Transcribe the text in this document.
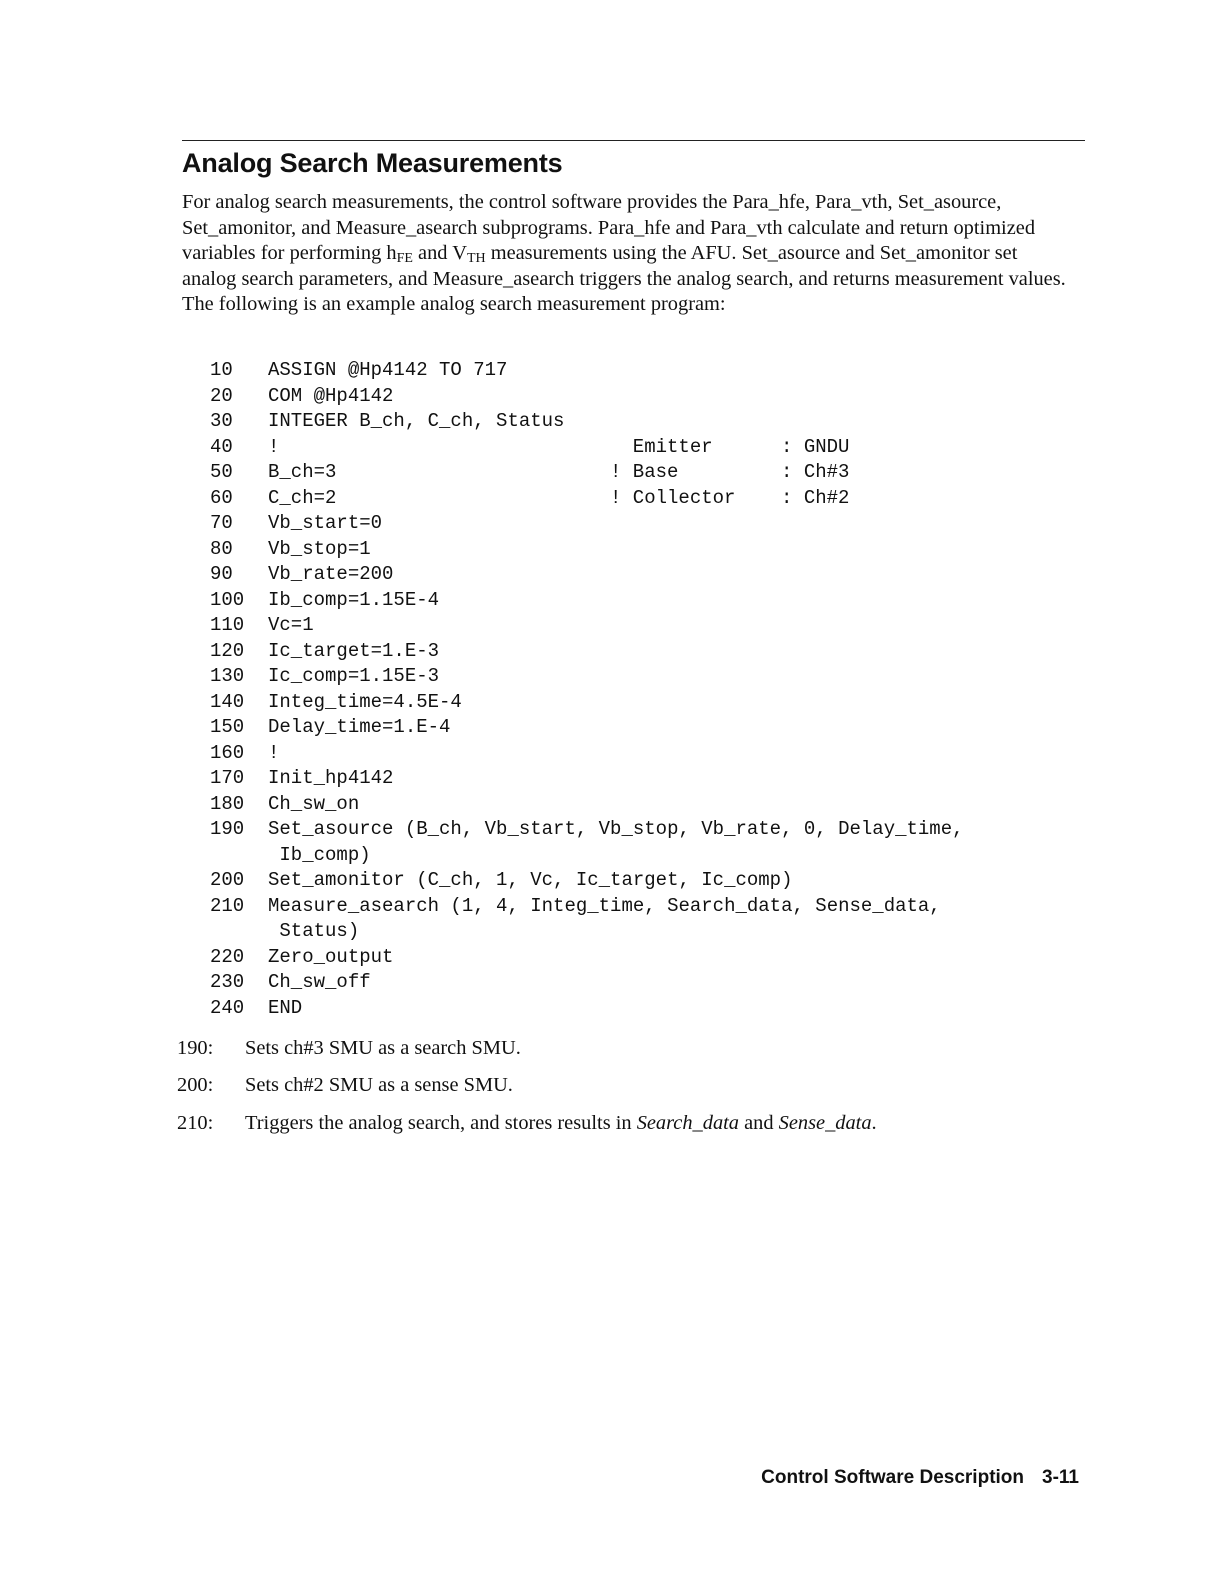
Analog Search Measurements

For analog search measurements, the control software provides the Para_hfe, Para_vth, Set_asource, Set_amonitor, and Measure_asearch subprograms. Para_hfe and Para_vth calculate and return optimized variables for performing $h_{FE}$ and $V_{TH}$ measurements using the AFU. Set_asource and Set_amonitor set analog search parameters, and Measure_asearch triggers the analog search, and returns measurement values. The following is an example analog search measurement program:

10 ASSIGN @Hp4142 TO 717
20 COM @Hp4142
30 INTEGER B_ch, C_ch, Status
40 !	Emitter      : GNDU
50 B_ch=3	! Base         : Ch#3
60 C_ch=2	! Collector    : Ch#2
70 Vb_start=0
80 Vb_stop=1
90 Vb_rate=200
100 Ib_comp=1.15E-4
110 Vc=1
120 Ic_target=1.E-3
130 Ic_comp=1.15E-3
140 Integ_time=4.5E-4
150 Delay_time=1.E-4
160 !
170 Init_hp4142
180 Ch_sw_on
190 Set_asource (B_ch, Vb_start, Vb_stop, Vb_rate, 0, Delay_time,
Ib_comp)
200 Set_amonitor (C_ch, 1, Vc, Ic_target, Ic_comp)
210 Measure_asearch (1, 4, Integ_time, Search_data, Sense_data,
Status)
220 Zero_output
230 Ch_sw_off
240 END
190: Sets ch#3 SMU as a search SMU.
200: Sets ch#2 SMU as a sense SMU.
210: Triggers the analog search, and stores results in Search_data and Sense_data.
Control Software Description 3-11
